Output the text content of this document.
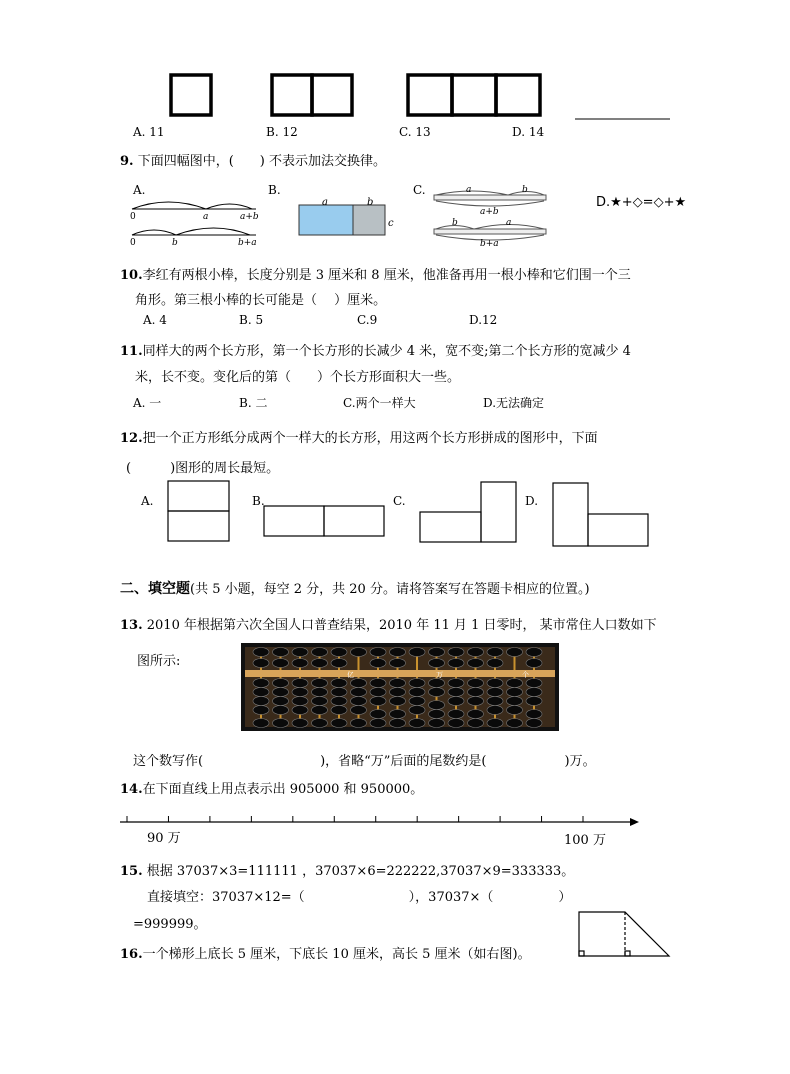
A. 11	B. 12	C. 13	D. 14
9. 下面四幅图中，(　　) 不表示加法交换律。
A.	B.	C.
D.★+◇=◇+★
0	a	a+b
0	b	b+a
a	b
c
a	b
a+b
b	a
b+a
10.李红有两根小棒，长度分别是 3 厘米和 8 厘米，他准备再用一根小棒和它们围一个三
角形。第三根小棒的长可能是（　 ）厘米。
A. 4	B. 5	C.9	D.12
11.同样大的两个长方形，第一个长方形的长减少 4 米，宽不变;第二个长方形的宽减少 4
米，长不变。变化后的第（　　）个长方形面积大一些。
A. 一	B. 二	C.两个一样大	D.无法确定
12.把一个正方形纸分成两个一样大的长方形，用这两个长方形拼成的图形中，下面
(　　　)图形的周长最短。
A.	B.	C.	D.
二、填空题(共 5 小题，每空 2 分，共 20 分。请将答案写在答题卡相应的位置。)
13. 2010 年根据第六次全国人口普查结果，2010 年 11 月 1 日零时， 某市常住人口数如下
图所示:
亿	万	个
这个数写作(　　　　　　　　　)，省略“万”后面的尾数约是(　　　　　　)万。
14.在下面直线上用点表示出 905000 和 950000。
90 万	100 万
15. 根据 37037×3=111111 ，37037×6=222222,37037×9=333333。
直接填空：37037×12=（　　　　　　　　），37037×（　　　　　）
=999999。
16.一个梯形上底长 5 厘米，下底长 10 厘米，高长 5 厘米（如右图)。
